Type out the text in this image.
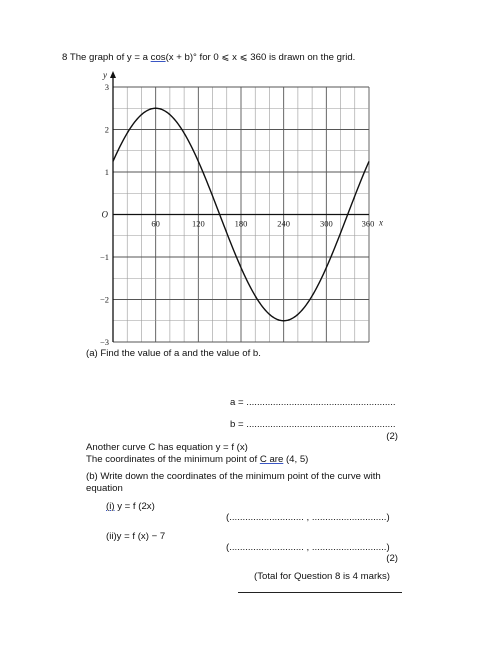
8 The graph of y = a cos(x + b)° for 0 ⩽ x ⩽ 360 is drawn on the grid.
60	120	180	240	300	360
3
2
1
−1
−2
−3
O
x
y
(a) Find the value of a and the value of b.
a = ........................................................
b = ........................................................
(2)
Another curve C has equation y = f (x)
The coordinates of the minimum point of C are (4, 5)
(b) Write down the coordinates of the minimum point of the curve with
equation
(i) y = f (2x)
(............................ , ............................)
(ii)y = f (x) − 7
(............................ , ............................)
(2)
(Total for Question 8 is 4 marks)
